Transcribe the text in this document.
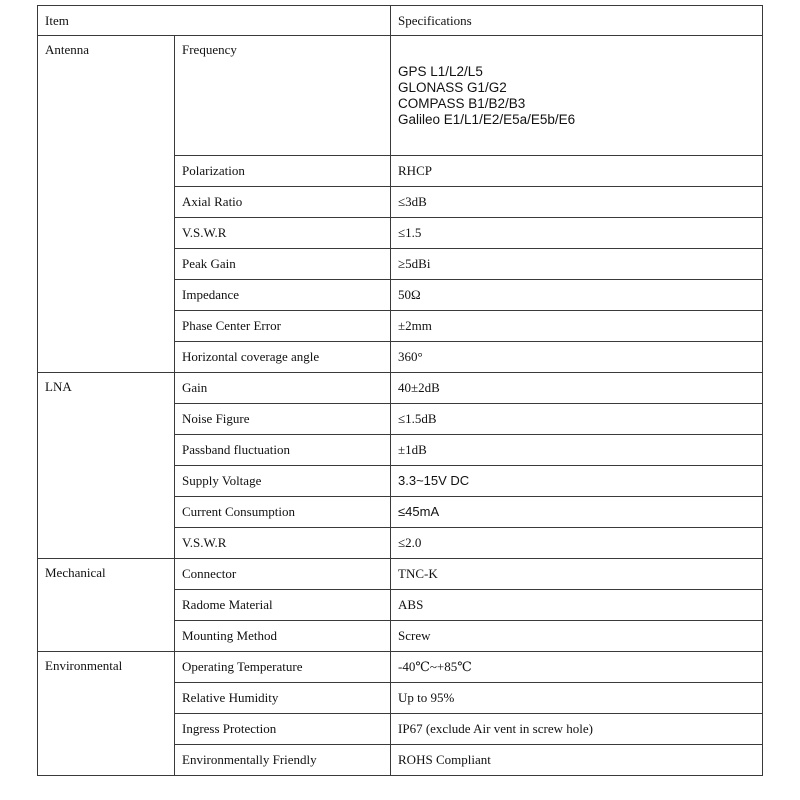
Item		Specifications
Antenna	Frequency	GPS L1/L2/L5
GLONASS G1/G2
COMPASS B1/B2/B3
Galileo E1/L1/E2/E5a/E5b/E6

	Polarization	RHCP
	Axial Ratio	≤3dB
	V.S.W.R	≤1.5
	Peak Gain	≥5dBi
	Impedance	50Ω
	Phase Center Error	±2mm
	Horizontal coverage angle	360°
LNA	Gain	40±2dB
	Noise Figure	≤1.5dB
	Passband fluctuation	±1dB
	Supply Voltage	3.3~15V DC
	Current Consumption	≤45mA
	V.S.W.R	≤2.0
Mechanical	Connector	TNC-K
	Radome Material	ABS
	Mounting Method	Screw
Environmental	Operating Temperature	-40℃~+85℃
	Relative Humidity	Up to 95%
	Ingress Protection	IP67 (exclude Air vent in screw hole)
	Environmentally Friendly	ROHS Compliant
